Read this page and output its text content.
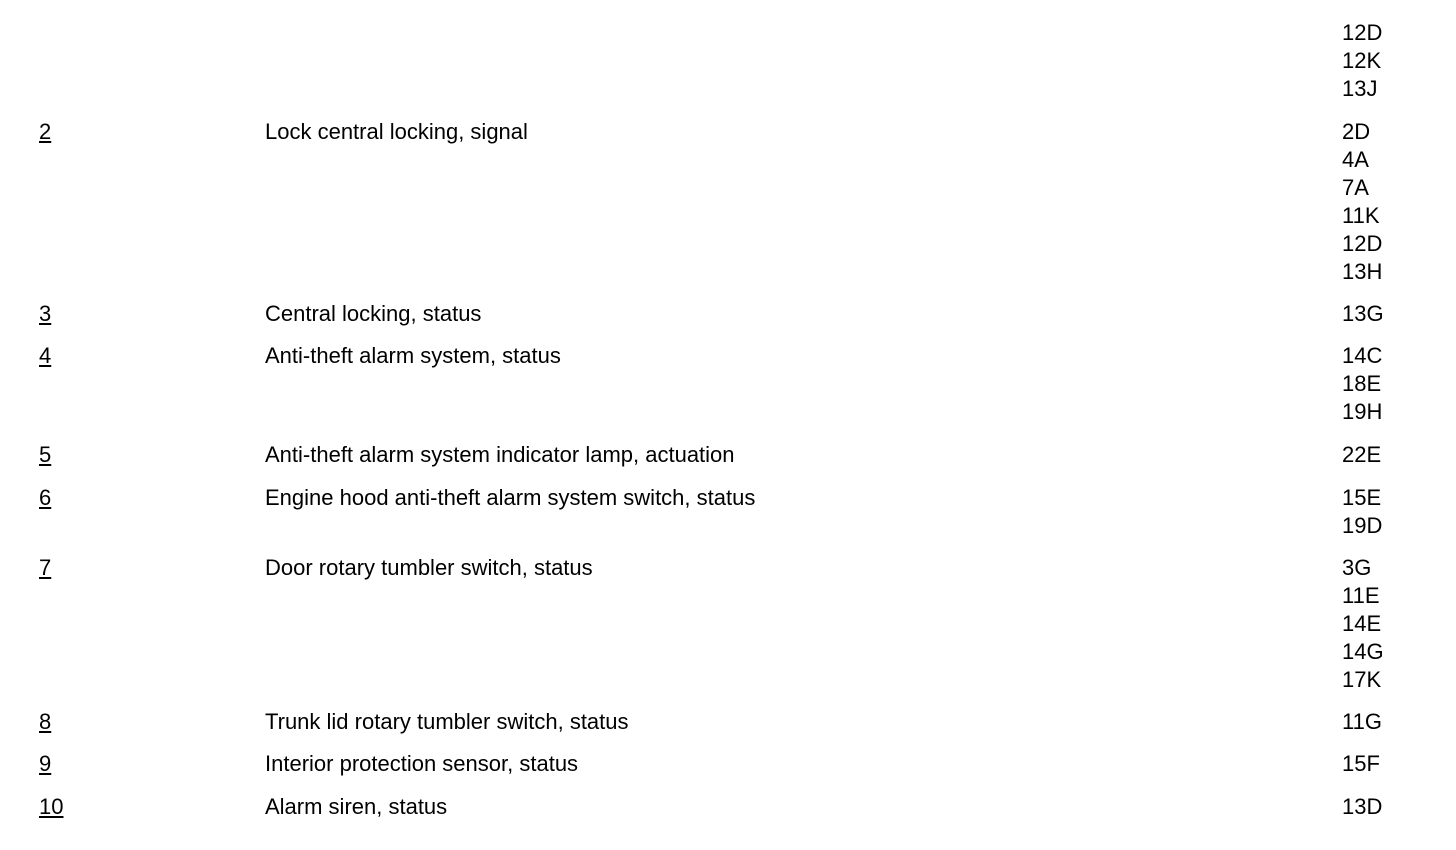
12D
12K
13J
2	Lock central locking, signal	2D
4A
7A
11K
12D
13H
3	Central locking, status	13G
4	Anti-theft alarm system, status	14C
18E
19H
5	Anti-theft alarm system indicator lamp, actuation	22E
6	Engine hood anti-theft alarm system switch, status	15E
19D
7	Door rotary tumbler switch, status	3G
11E
14E
14G
17K
8	Trunk lid rotary tumbler switch, status	11G
9	Interior protection sensor, status	15F
10	Alarm siren, status	13D
